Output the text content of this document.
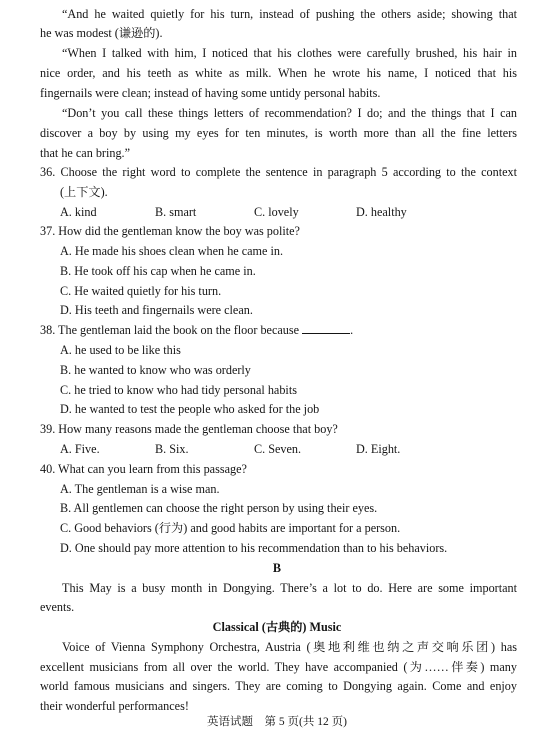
“And he waited quietly for his turn, instead of pushing the others aside; showing that
he was modest (谦逊的).
“When I talked with him, I noticed that his clothes were carefully brushed, his hair in
nice order, and his teeth as white as milk. When he wrote his name, I noticed that his
fingernails were clean; instead of having some untidy personal habits.
“Don’t you call these things letters of recommendation? I do; and the things that I can
discover a boy by using my eyes for ten minutes, is worth more than all the fine letters
that he can bring.”
36. Choose the right word to complete the sentence in paragraph 5 according to the context
(上下文).
A. kind	B. smart	C. lovely	D. healthy
37. How did the gentleman know the boy was polite?
A. He made his shoes clean when he came in.
B. He took off his cap when he came in.
C. He waited quietly for his turn.
D. His teeth and fingernails were clean.
38. The gentleman laid the book on the floor because	.
A. he used to be like this
B. he wanted to know who was orderly
C. he tried to know who had tidy personal habits
D. he wanted to test the people who asked for the job
39. How many reasons made the gentleman choose that boy?
A. Five.	B. Six.	C. Seven.	D. Eight.
40. What can you learn from this passage?
A. The gentleman is a wise man.
B. All gentlemen can choose the right person by using their eyes.
C. Good behaviors (行为) and good habits are important for a person.
D. One should pay more attention to his recommendation than to his behaviors.
B
This May is a busy month in Dongying. There’s a lot to do. Here are some important
events.
Classical (古典的) Music
Voice of Vienna Symphony Orchestra, Austria (奥地利维也纳之声交响乐团) has
excellent musicians from all over the world. They have accompanied (为……伴奏) many
world famous musicians and singers. They are coming to Dongying again. Come and enjoy
their wonderful performances!
英语试题　第 5 页(共 12 页)
